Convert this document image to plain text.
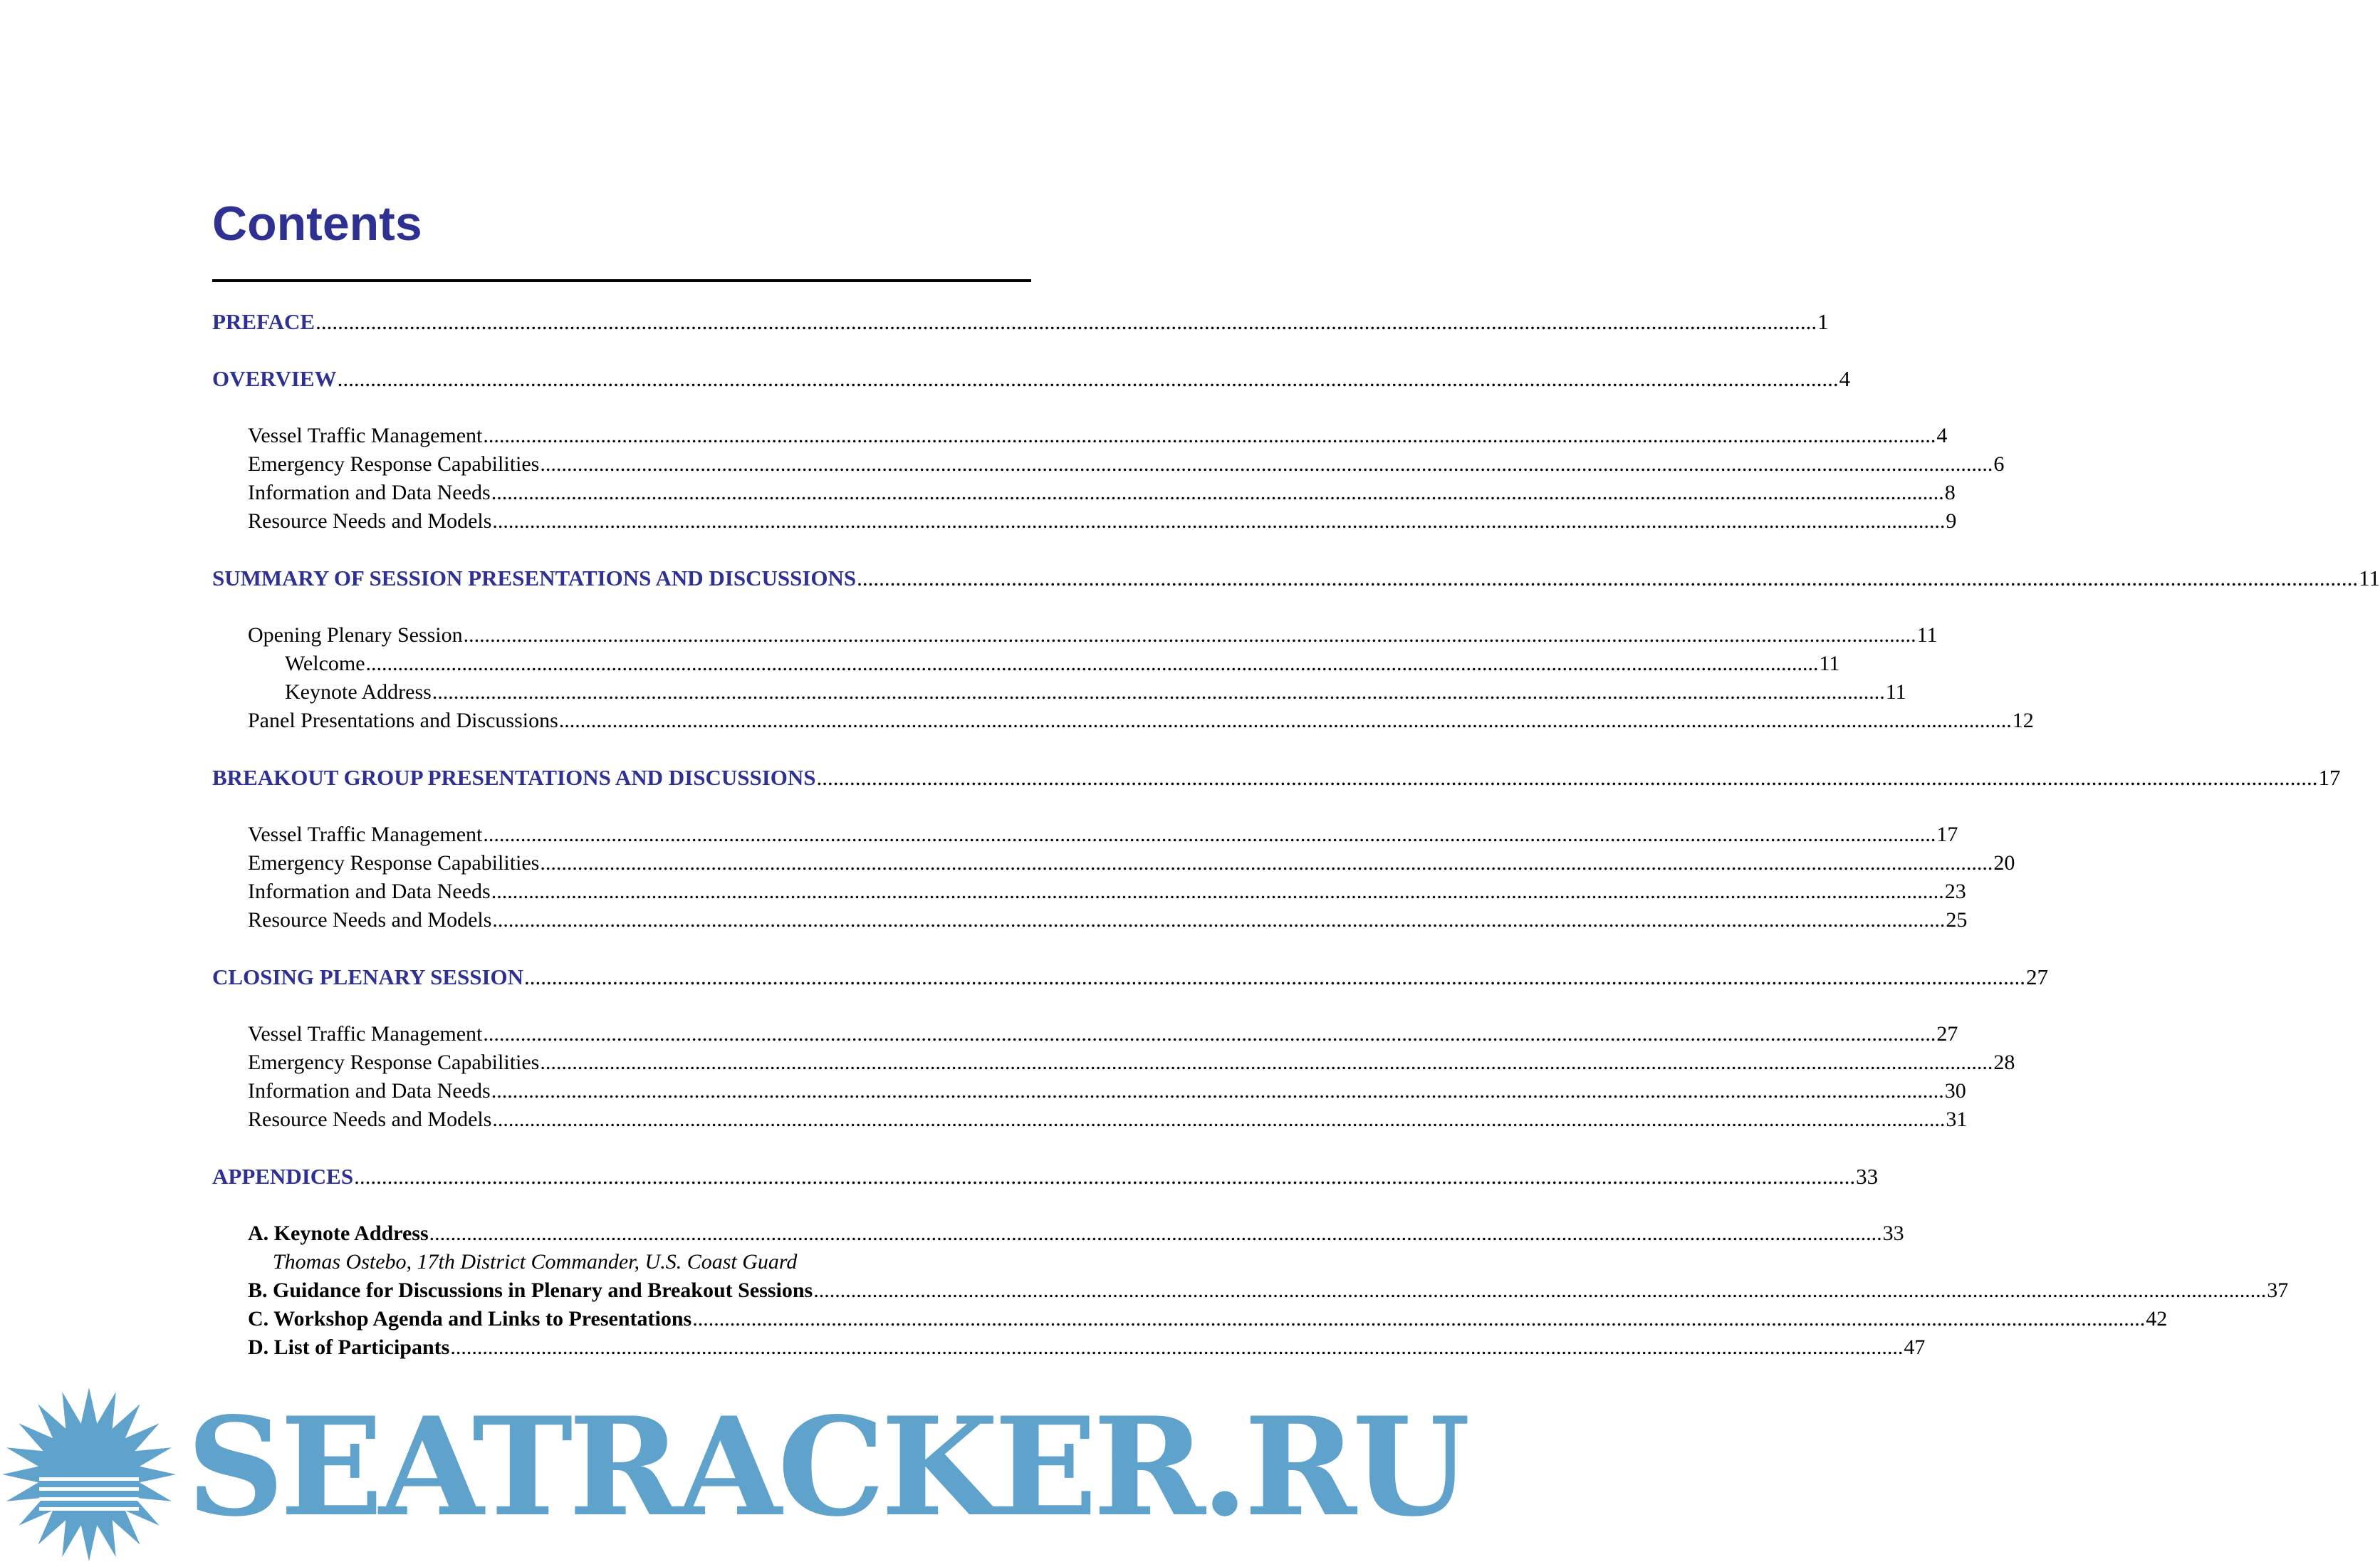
Contents
PREFACE .....	1
OVERVIEW .....	4
Vessel Traffic Management .....	4
Emergency Response Capabilities .....	6
Information and Data Needs .....	8
Resource Needs and Models .....	9
SUMMARY OF SESSION PRESENTATIONS AND DISCUSSIONS .....	11
Opening Plenary Session .....	11
Welcome .....	11
Keynote Address .....	11
Panel Presentations and Discussions .....	12
BREAKOUT GROUP PRESENTATIONS AND DISCUSSIONS .....	17
Vessel Traffic Management .....	17
Emergency Response Capabilities .....	20
Information and Data Needs .....	23
Resource Needs and Models .....	25
CLOSING PLENARY SESSION .....	27
Vessel Traffic Management .....	27
Emergency Response Capabilities .....	28
Information and Data Needs .....	30
Resource Needs and Models .....	31
APPENDICES .....	33
A. Keynote Address .....	33
Thomas Ostebo, 17th District Commander, U.S. Coast Guard
B. Guidance for Discussions in Plenary and Breakout Sessions .....	37
C. Workshop Agenda and Links to Presentations .....	42
D. List of Participants .....	47
SEATRACKER.RU
